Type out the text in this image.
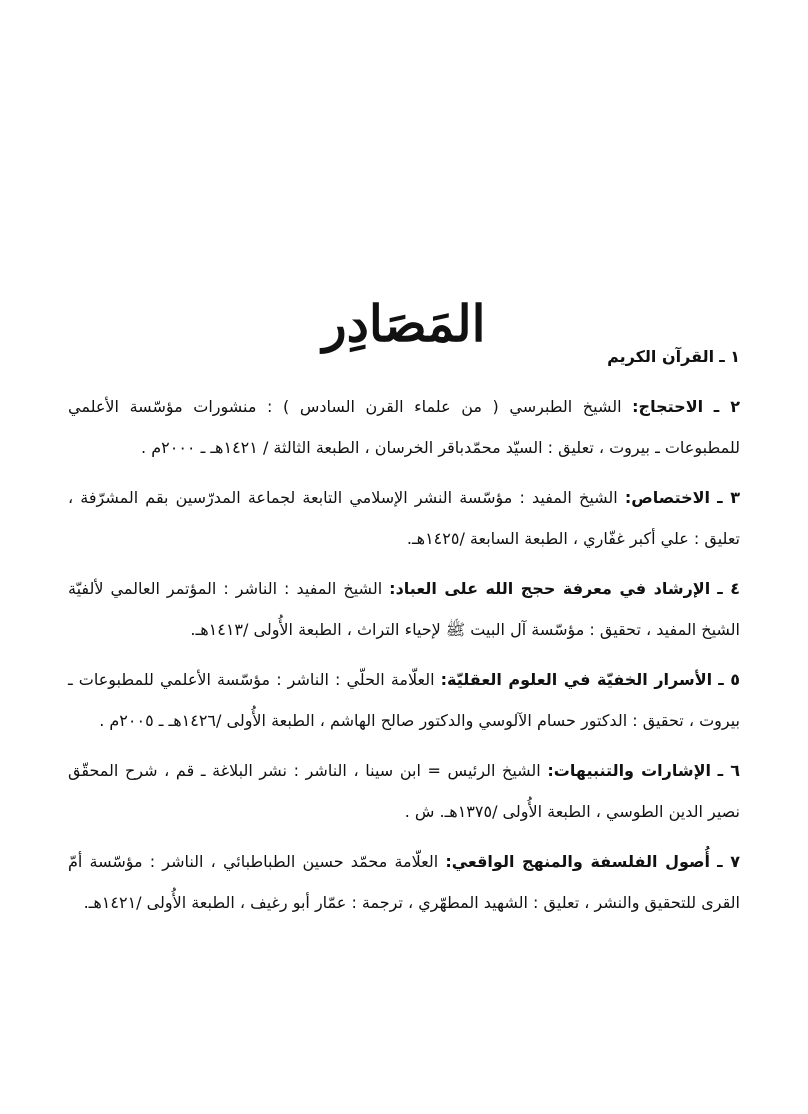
المَصَادِر

١ ـ القرآن الكريم

٢ ـ الاحتجاج: الشيخ الطبرسي ( من علماء القرن السادس ) : منشورات مؤسّسة الأعلمي للمطبوعات ـ بيروت ، تعليق : السيّد محمّدباقر الخرسان ، الطبعة الثالثة / ١٤٢١هـ ـ ٢٠٠٠م .

٣ ـ الاختصاص: الشيخ المفيد : مؤسّسة النشر الإسلامي التابعة لجماعة المدرّسين بقم المشرّفة ، تعليق : علي أكبر غفّاري ، الطبعة السابعة /١٤٢٥هـ.

٤ ـ الإرشاد في معرفة حجج الله على العباد: الشيخ المفيد : الناشر : المؤتمر العالمي لألفيّة الشيخ المفيد ، تحقيق : مؤسّسة آل البيت ﷺ لإحياء التراث ، الطبعة الأُولى /١٤١٣هـ.

٥ ـ الأسرار الخفيّة في العلوم العقليّة: العلّامة الحلّي : الناشر : مؤسّسة الأعلمي للمطبوعات ـ بيروت ، تحقيق : الدكتور حسام الآلوسي والدكتور صالح الهاشم ، الطبعة الأُولى /١٤٢٦هـ ـ ٢٠٠٥م .

٦ ـ الإشارات والتنبيهات: الشيخ الرئيس = ابن سينا ، الناشر : نشر البلاغة ـ قم ، شرح المحقّق نصير الدين الطوسي ، الطبعة الأُولى /١٣٧٥هـ. ش .

٧ ـ أُصول الفلسفة والمنهج الواقعي: العلّامة محمّد حسين الطباطبائي ، الناشر : مؤسّسة أمّ القرى للتحقيق والنشر ، تعليق : الشهيد المطهّري ، ترجمة : عمّار أبو رغيف ، الطبعة الأُولى /١٤٢١هـ.
